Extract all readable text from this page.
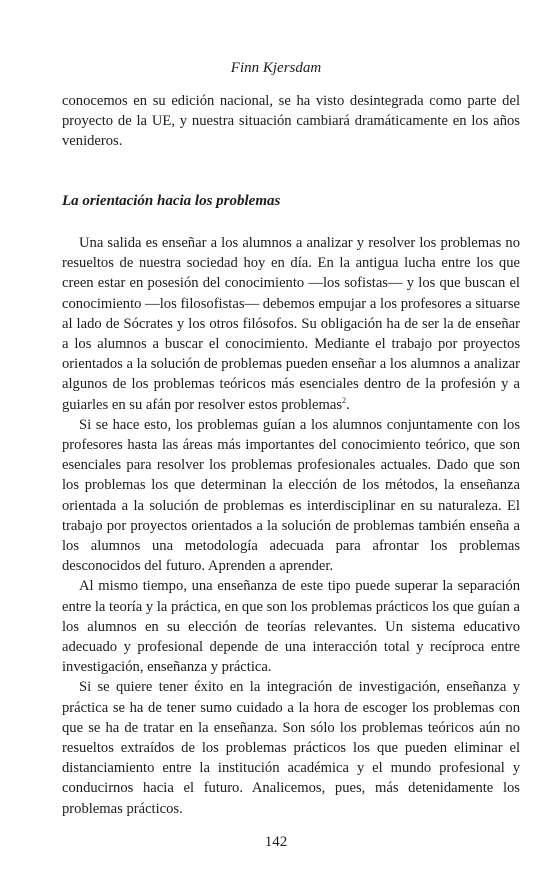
Finn Kjersdam
conocemos en su edición nacional, se ha visto desintegrada como parte del proyecto de la UE, y nuestra situación cambiará dramáticamente en los años venideros.
La orientación hacia los problemas

Una salida es enseñar a los alumnos a analizar y resolver los problemas no resueltos de nuestra sociedad hoy en día. En la antigua lucha entre los que creen estar en posesión del conocimiento —los sofistas— y los que buscan el conocimiento —los filosofistas— debemos empujar a los profesores a situarse al lado de Sócrates y los otros filósofos. Su obligación ha de ser la de enseñar a los alumnos a buscar el conocimiento. Mediante el trabajo por proyectos orientados a la solución de problemas pueden enseñar a los alumnos a analizar algunos de los problemas teóricos más esenciales dentro de la profesión y a guiarles en su afán por resolver estos problemas$^2$.

Si se hace esto, los problemas guían a los alumnos conjuntamente con los profesores hasta las áreas más importantes del conocimiento teórico, que son esenciales para resolver los problemas profesionales actuales. Dado que son los problemas los que determinan la elección de los métodos, la enseñanza orientada a la solución de problemas es interdisciplinar en su naturaleza. El trabajo por proyectos orientados a la solución de problemas también enseña a los alumnos una metodología adecuada para afrontar los problemas desconocidos del futuro. Aprenden a aprender.

Al mismo tiempo, una enseñanza de este tipo puede superar la separación entre la teoría y la práctica, en que son los problemas prácticos los que guían a los alumnos en su elección de teorías relevantes. Un sistema educativo adecuado y profesional depende de una interacción total y recíproca entre investigación, enseñanza y práctica.

Si se quiere tener éxito en la integración de investigación, enseñanza y práctica se ha de tener sumo cuidado a la hora de escoger los problemas con que se ha de tratar en la enseñanza. Son sólo los problemas teóricos aún no resueltos extraídos de los problemas prácticos los que pueden eliminar el distanciamiento entre la institución académica y el mundo profesional y conducirnos hacia el futuro. Analicemos, pues, más detenidamente los problemas prácticos.

142
